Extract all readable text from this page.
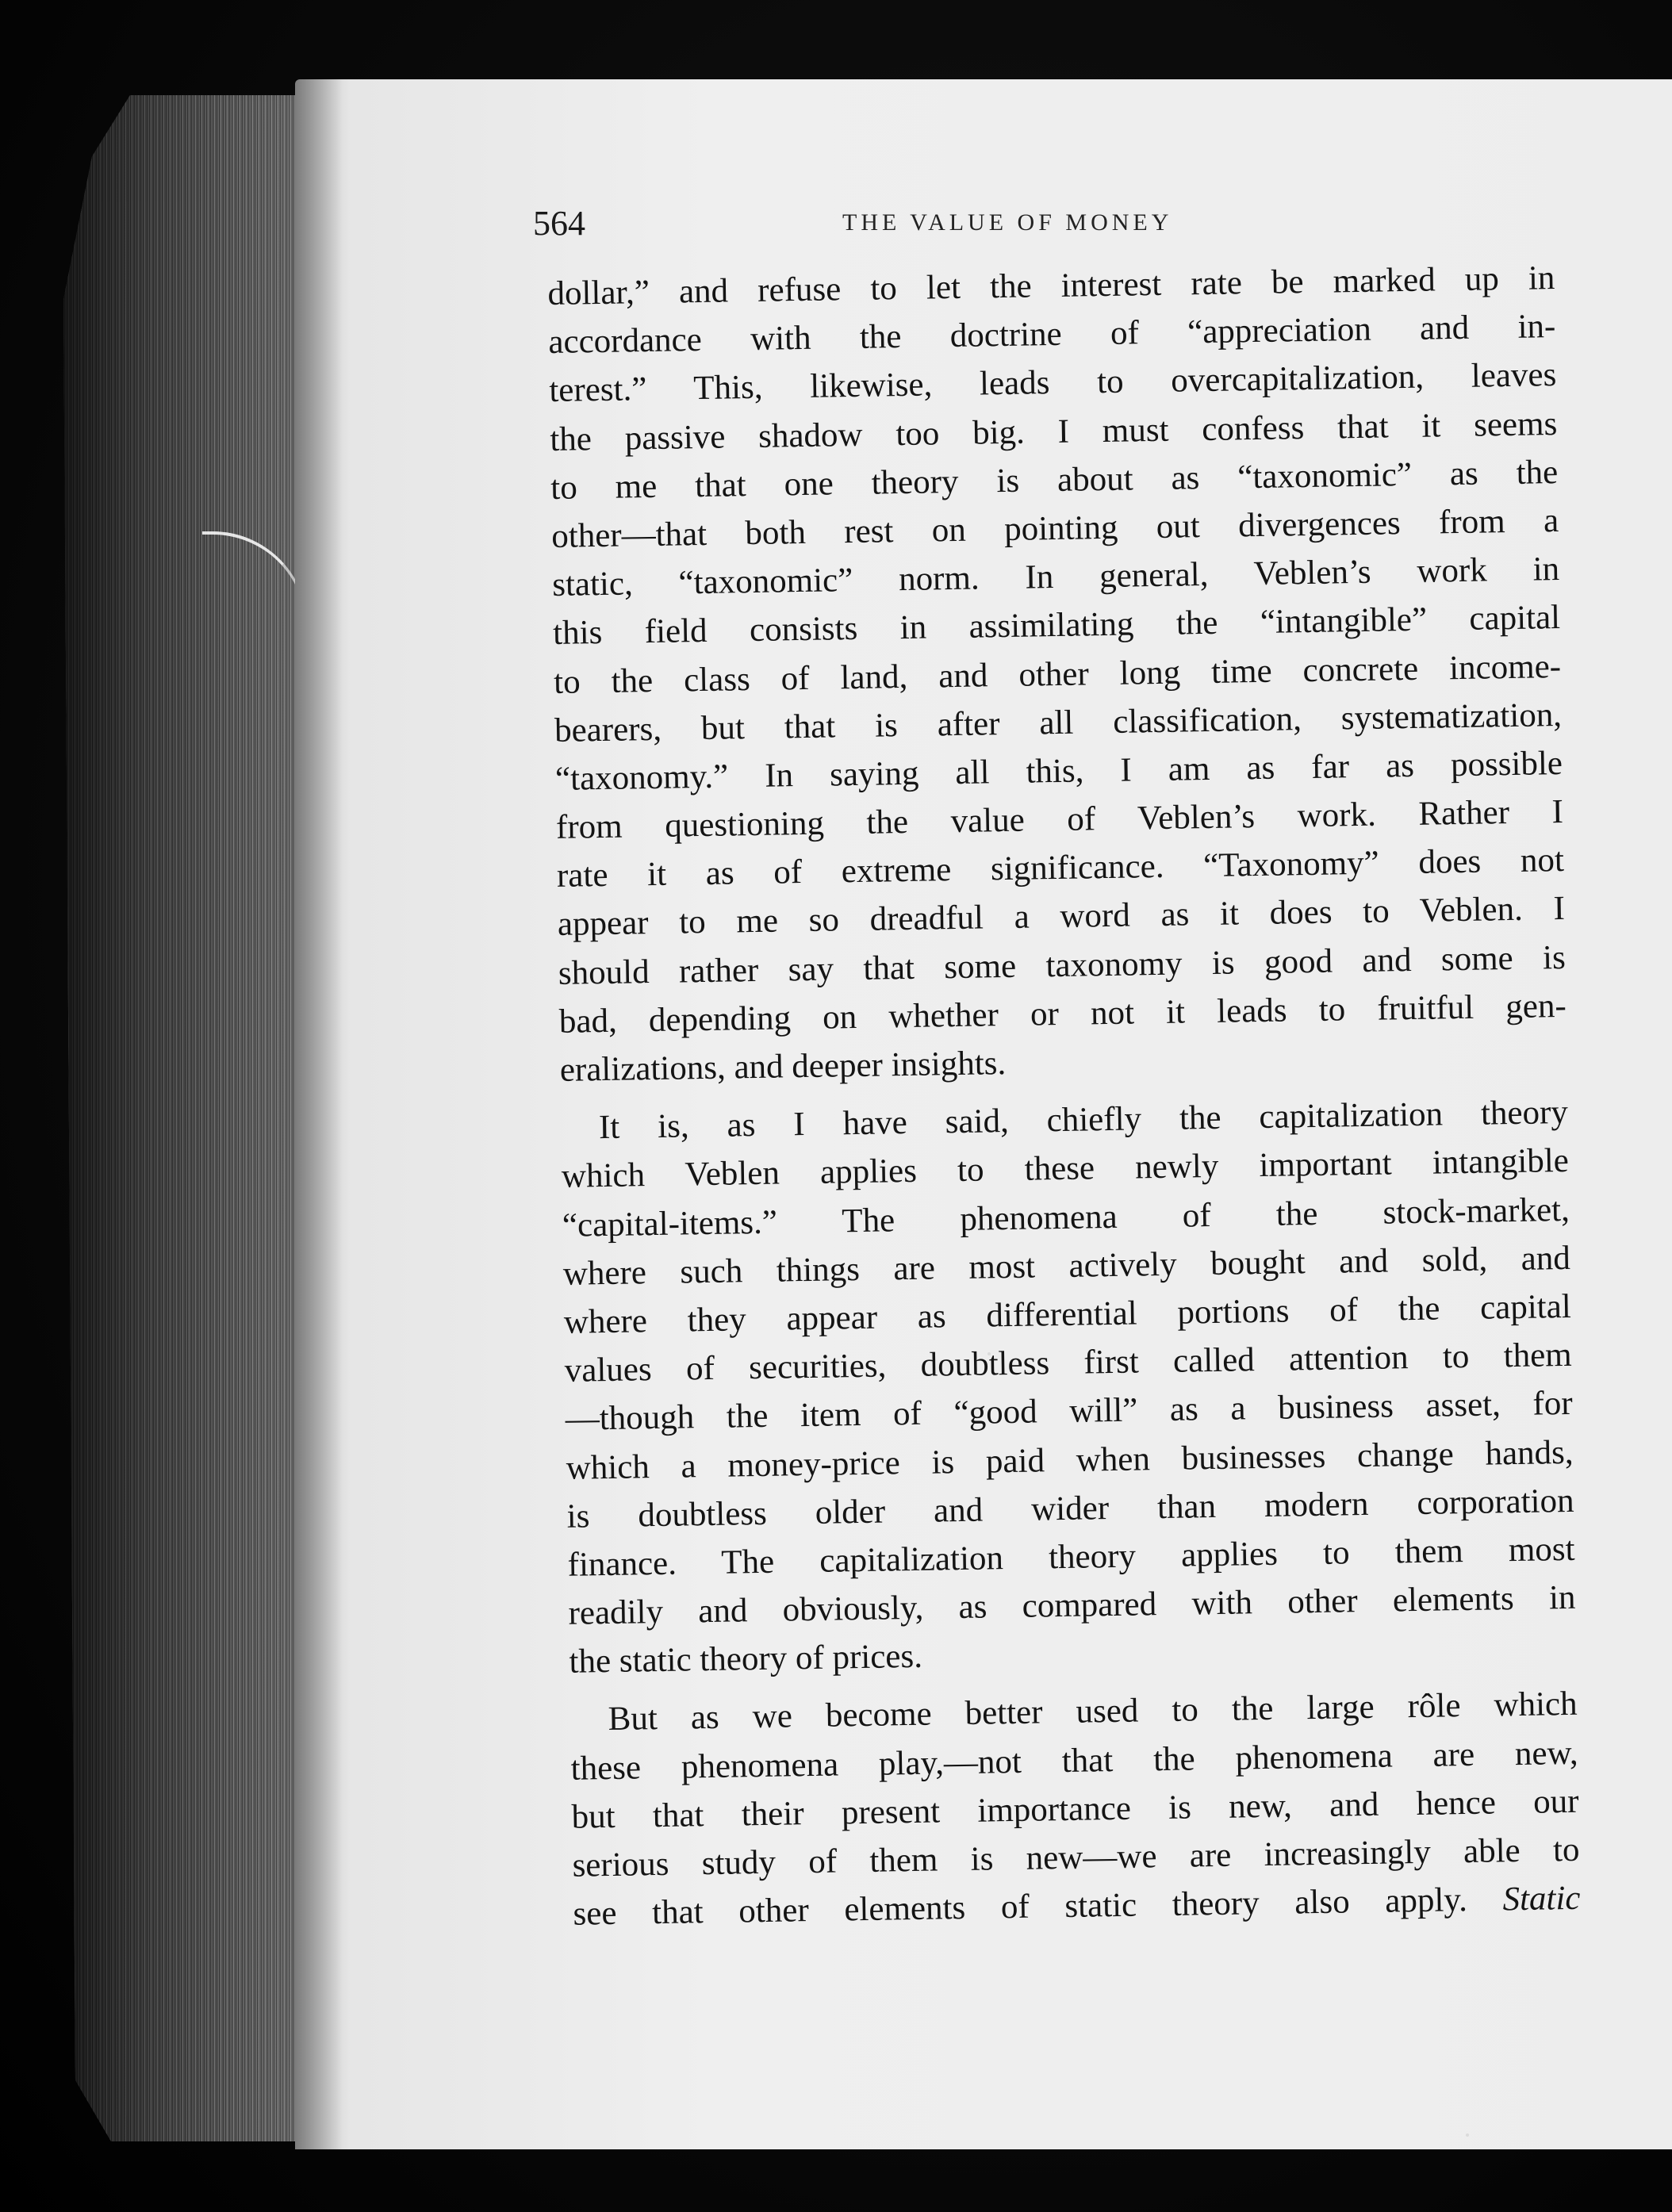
564	THE VALUE OF MONEY
dollar,” and refuse to let the interest rate be marked up in
accordance with the doctrine of “appreciation and in-
terest.” This, likewise, leads to overcapitalization, leaves
the passive shadow too big. I must confess that it seems
to me that one theory is about as “taxonomic” as the
other—that both rest on pointing out divergences from a
static, “taxonomic” norm. In general, Veblen’s work in
this field consists in assimilating the “intangible” capital
to the class of land, and other long time concrete income-
bearers, but that is after all classification, systematization,
“taxonomy.” In saying all this, I am as far as possible
from questioning the value of Veblen’s work. Rather I
rate it as of extreme significance. “Taxonomy” does not
appear to me so dreadful a word as it does to Veblen. I
should rather say that some taxonomy is good and some is
bad, depending on whether or not it leads to fruitful gen-
eralizations, and deeper insights.
It is, as I have said, chiefly the capitalization theory
which Veblen applies to these newly important intangible
“capital-items.” The phenomena of the stock-market,
where such things are most actively bought and sold, and
where they appear as differential portions of the capital
values of securities, doubtless first called attention to them
—though the item of “good will” as a business asset, for
which a money-price is paid when businesses change hands,
is doubtless older and wider than modern corporation
finance. The capitalization theory applies to them most
readily and obviously, as compared with other elements in
the static theory of prices.
But as we become better used to the large rôle which
these phenomena play,—not that the phenomena are new,
but that their present importance is new, and hence our
serious study of them is new—we are increasingly able to
see that other elements of static theory also apply. Static
